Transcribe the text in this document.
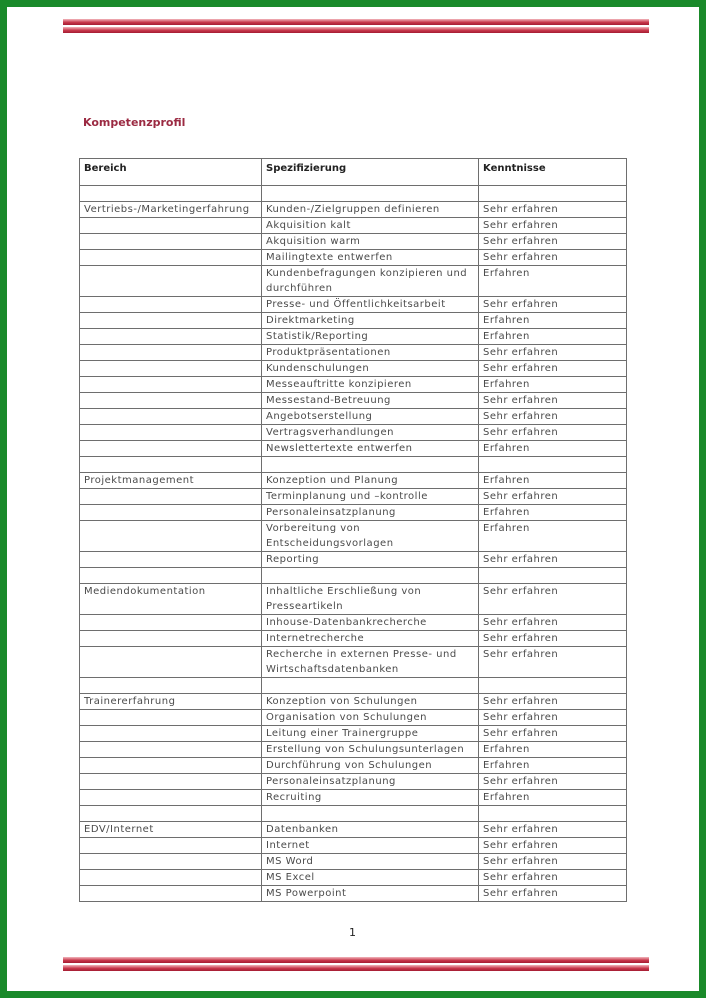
Kompetenzprofil
Bereich	Spezifizierung	Kenntnisse

Vertriebs-/Marketingerfahrung	Kunden-/Zielgruppen definieren	Sehr erfahren
	Akquisition kalt	Sehr erfahren
	Akquisition warm	Sehr erfahren
	Mailingtexte entwerfen	Sehr erfahren
	Kundenbefragungen konzipieren und durchführen	Erfahren
	Presse- und Öffentlichkeitsarbeit	Sehr erfahren
	Direktmarketing	Erfahren
	Statistik/Reporting	Erfahren
	Produktpräsentationen	Sehr erfahren
	Kundenschulungen	Sehr erfahren
	Messeauftritte konzipieren	Erfahren
	Messestand-Betreuung	Sehr erfahren
	Angebotserstellung	Sehr erfahren
	Vertragsverhandlungen	Sehr erfahren
	Newslettertexte entwerfen	Erfahren

Projektmanagement	Konzeption und Planung	Erfahren
	Terminplanung und –kontrolle	Sehr erfahren
	Personaleinsatzplanung	Erfahren
	Vorbereitung von Entscheidungsvorlagen	Erfahren
	Reporting	Sehr erfahren

Mediendokumentation	Inhaltliche Erschließung von Presseartikeln	Sehr erfahren
	Inhouse-Datenbankrecherche	Sehr erfahren
	Internetrecherche	Sehr erfahren
	Recherche in externen Presse- und Wirtschaftsdatenbanken	Sehr erfahren

Trainererfahrung	Konzeption von Schulungen	Sehr erfahren
	Organisation von Schulungen	Sehr erfahren
	Leitung einer Trainergruppe	Sehr erfahren
	Erstellung von Schulungsunterlagen	Erfahren
	Durchführung von Schulungen	Erfahren
	Personaleinsatzplanung	Sehr erfahren
	Recruiting	Erfahren

EDV/Internet	Datenbanken	Sehr erfahren
	Internet	Sehr erfahren
	MS Word	Sehr erfahren
	MS Excel	Sehr erfahren
	MS Powerpoint	Sehr erfahren
1
